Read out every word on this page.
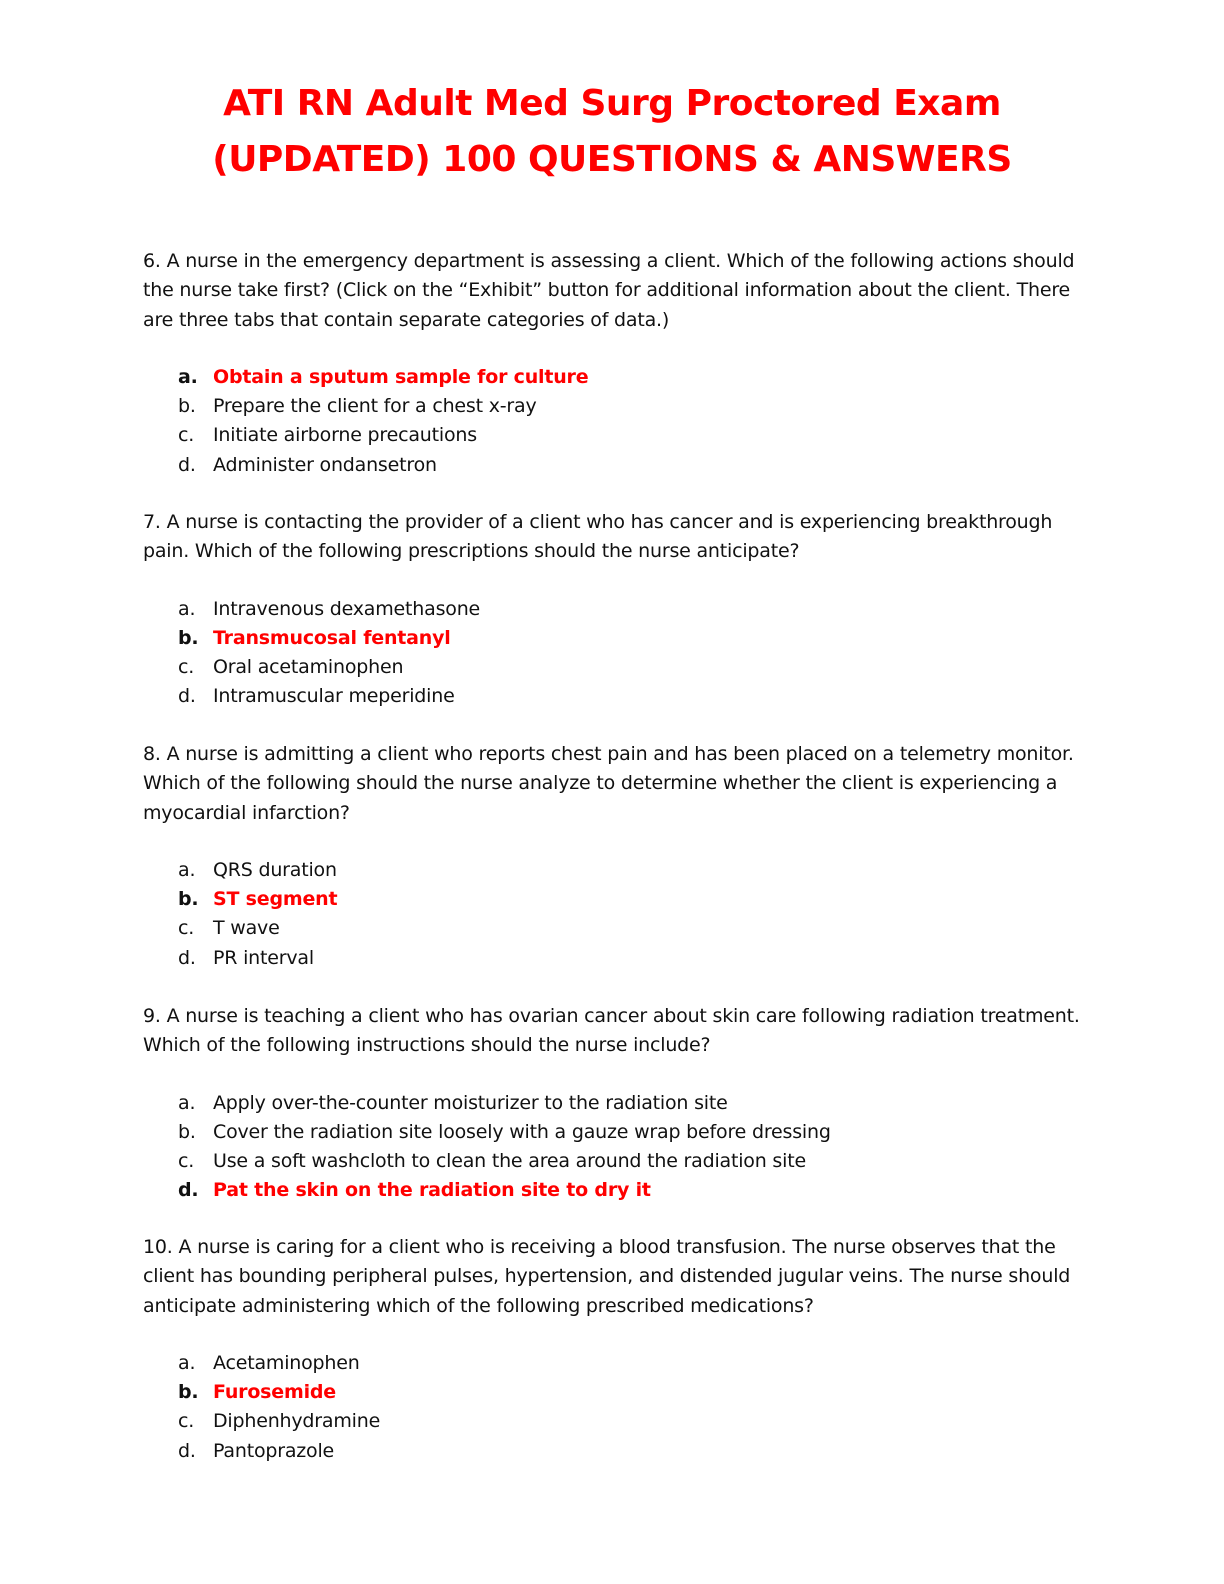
ATI RN Adult Med Surg Proctored Exam
(UPDATED) 100 QUESTIONS & ANSWERS

6. A nurse in the emergency department is assessing a client. Which of the following actions should the nurse take first? (Click on the “Exhibit” button for additional information about the client. There are three tabs that contain separate categories of data.)

a. Obtain a sputum sample for culture
b. Prepare the client for a chest x-ray
c. Initiate airborne precautions
d. Administer ondansetron

7. A nurse is contacting the provider of a client who has cancer and is experiencing breakthrough pain. Which of the following prescriptions should the nurse anticipate?

a. Intravenous dexamethasone
b. Transmucosal fentanyl
c. Oral acetaminophen
d. Intramuscular meperidine

8. A nurse is admitting a client who reports chest pain and has been placed on a telemetry monitor. Which of the following should the nurse analyze to determine whether the client is experiencing a myocardial infarction?

a. QRS duration
b. ST segment
c. T wave
d. PR interval

9. A nurse is teaching a client who has ovarian cancer about skin care following radiation treatment. Which of the following instructions should the nurse include?

a. Apply over-the-counter moisturizer to the radiation site
b. Cover the radiation site loosely with a gauze wrap before dressing
c. Use a soft washcloth to clean the area around the radiation site
d. Pat the skin on the radiation site to dry it

10. A nurse is caring for a client who is receiving a blood transfusion. The nurse observes that the client has bounding peripheral pulses, hypertension, and distended jugular veins. The nurse should anticipate administering which of the following prescribed medications?

a. Acetaminophen
b. Furosemide
c. Diphenhydramine
d. Pantoprazole
